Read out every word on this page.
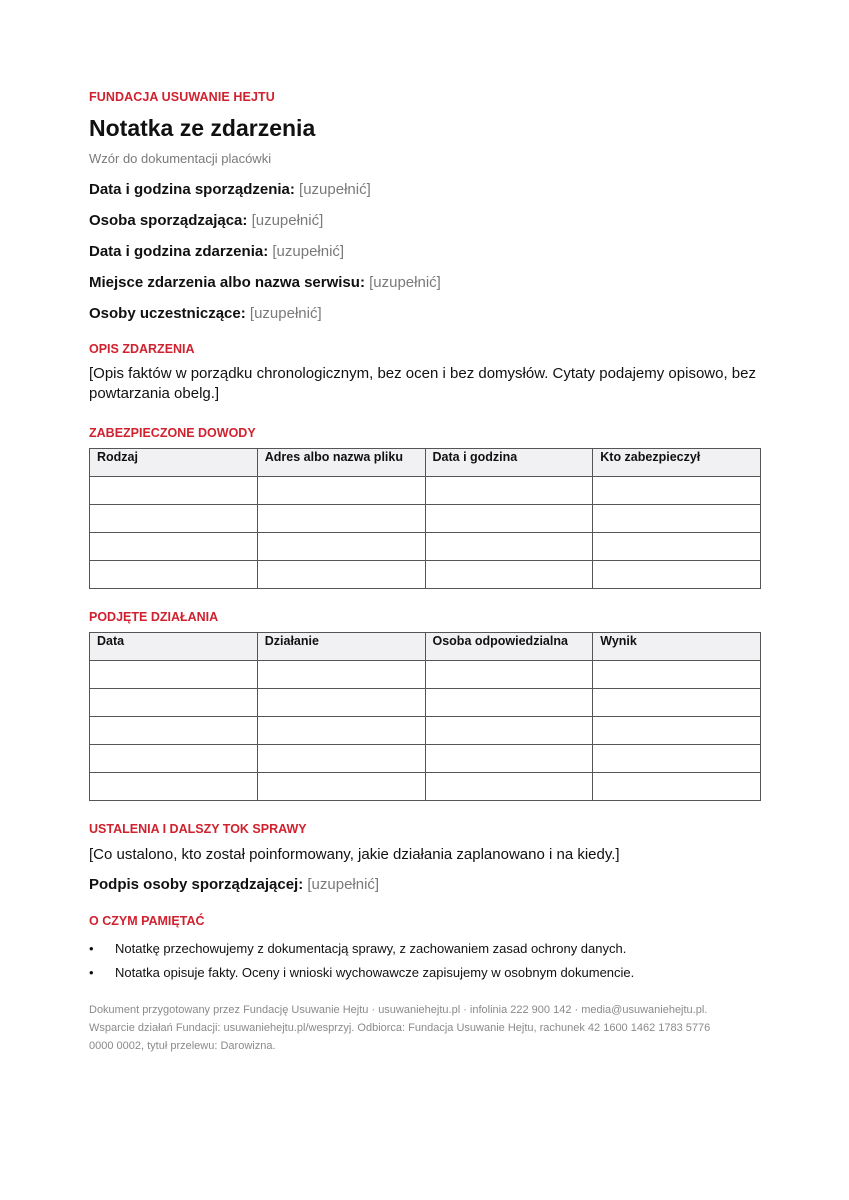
FUNDACJA USUWANIE HEJTU

Notatka ze zdarzenia

Wzór do dokumentacji placówki

Data i godzina sporządzenia: [uzupełnić]

Osoba sporządzająca: [uzupełnić]

Data i godzina zdarzenia: [uzupełnić]

Miejsce zdarzenia albo nazwa serwisu: [uzupełnić]

Osoby uczestniczące: [uzupełnić]

OPIS ZDARZENIA

[Opis faktów w porządku chronologicznym, bez ocen i bez domysłów. Cytaty podajemy opisowo, bez powtarzania obelg.]

ZABEZPIECZONE DOWODY

Rodzaj	Adres albo nazwa pliku	Data i godzina	Kto zabezpieczył

PODJĘTE DZIAŁANIA

Data	Działanie	Osoba odpowiedzialna	Wynik

USTALENIA I DALSZY TOK SPRAWY

[Co ustalono, kto został poinformowany, jakie działania zaplanowano i na kiedy.]

Podpis osoby sporządzającej: [uzupełnić]

O CZYM PAMIĘTAĆ

• Notatkę przechowujemy z dokumentacją sprawy, z zachowaniem zasad ochrony danych.
• Notatka opisuje fakty. Oceny i wnioski wychowawcze zapisujemy w osobnym dokumencie.

Dokument przygotowany przez Fundację Usuwanie Hejtu · usuwaniehejtu.pl · infolinia 222 900 142 · media@usuwaniehejtu.pl.

Wsparcie działań Fundacji: usuwaniehejtu.pl/wesprzyj. Odbiorca: Fundacja Usuwanie Hejtu, rachunek 42 1600 1462 1783 5776

0000 0002, tytuł przelewu: Darowizna.
